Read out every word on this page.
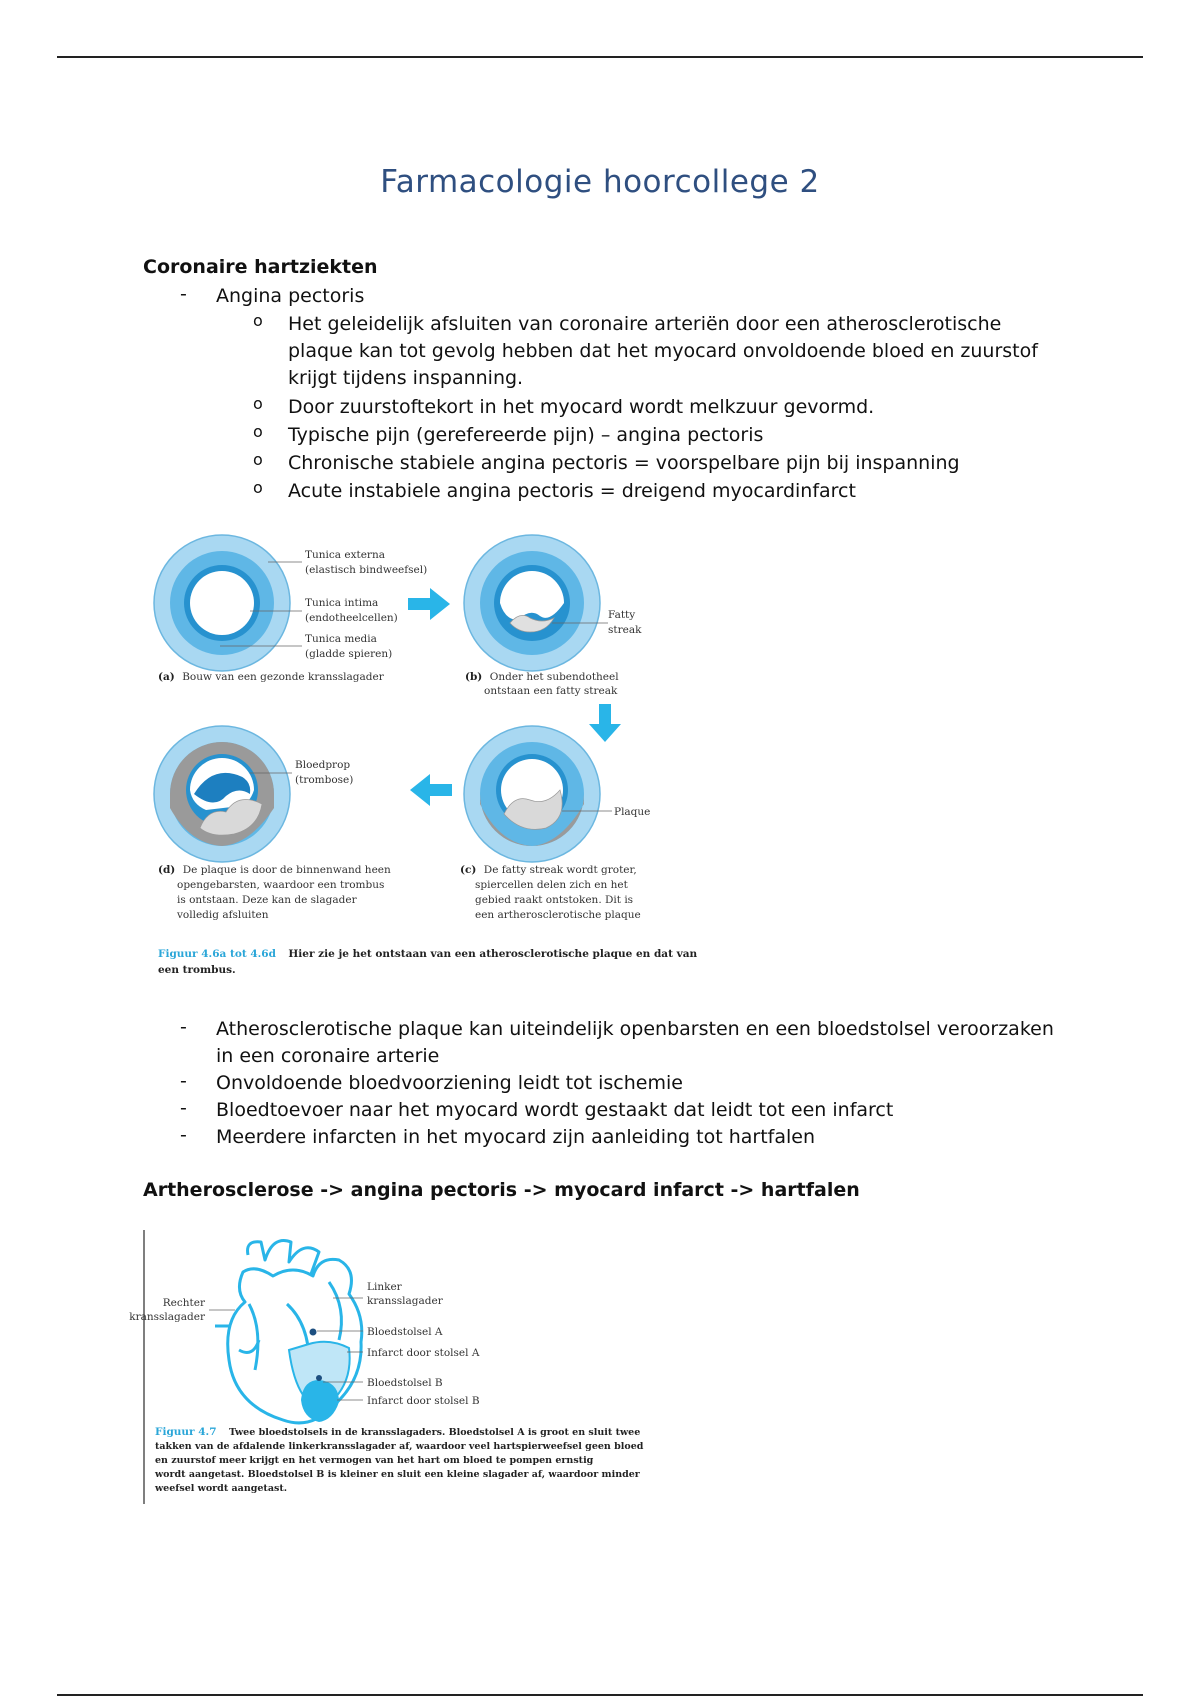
Farmacologie hoorcollege 2
Coronaire hartziekten
- Angina pectoris
o Het geleidelijk afsluiten van coronaire arteriën door een atherosclerotische plaque kan tot gevolg hebben dat het myocard onvoldoende bloed en zuurstof krijgt tijdens inspanning.
o Door zuurstoftekort in het myocard wordt melkzuur gevormd.
o Typische pijn (gerefereerde pijn) – angina pectoris
o Chronische stabiele angina pectoris = voorspelbare pijn bij inspanning
o Acute instabiele angina pectoris = dreigend myocardinfarct
Tunica externa
(elastisch bindweefsel)
Tunica intima
(endotheelcellen)
Tunica media
(gladde spieren)
(a) Bouw van een gezonde kransslagader
Fatty
streak
(b) Onder het subendotheel
ontstaan een fatty streak
Bloedprop
(trombose)
Plaque
(d) De plaque is door de binnenwand heen
opengebarsten, waardoor een trombus
is ontstaan. Deze kan de slagader
volledig afsluiten
(c) De fatty streak wordt groter,
spiercellen delen zich en het
gebied raakt ontstoken. Dit is
een artherosclerotische plaque
Figuur 4.6a tot 4.6d Hier zie je het ontstaan van een atherosclerotische plaque en dat van
een trombus.
- Atherosclerotische plaque kan uiteindelijk openbarsten en een bloedstolsel veroorzaken in een coronaire arterie
- Onvoldoende bloedvoorziening leidt tot ischemie
- Bloedtoevoer naar het myocard wordt gestaakt dat leidt tot een infarct
- Meerdere infarcten in het myocard zijn aanleiding tot hartfalen
Artherosclerose -> angina pectoris -> myocard infarct -> hartfalen
Rechter
kransslagader
Linker
kransslagader
Bloedstolsel A
Infarct door stolsel A
Bloedstolsel B
Infarct door stolsel B
Figuur 4.7 Twee bloedstolsels in de kransslagaders. Bloedstolsel A is groot en sluit twee
takken van de afdalende linkerkransslagader af, waardoor veel hartspierweefsel geen bloed
en zuurstof meer krijgt en het vermogen van het hart om bloed te pompen ernstig
wordt aangetast. Bloedstolsel B is kleiner en sluit een kleine slagader af, waardoor minder
weefsel wordt aangetast.
